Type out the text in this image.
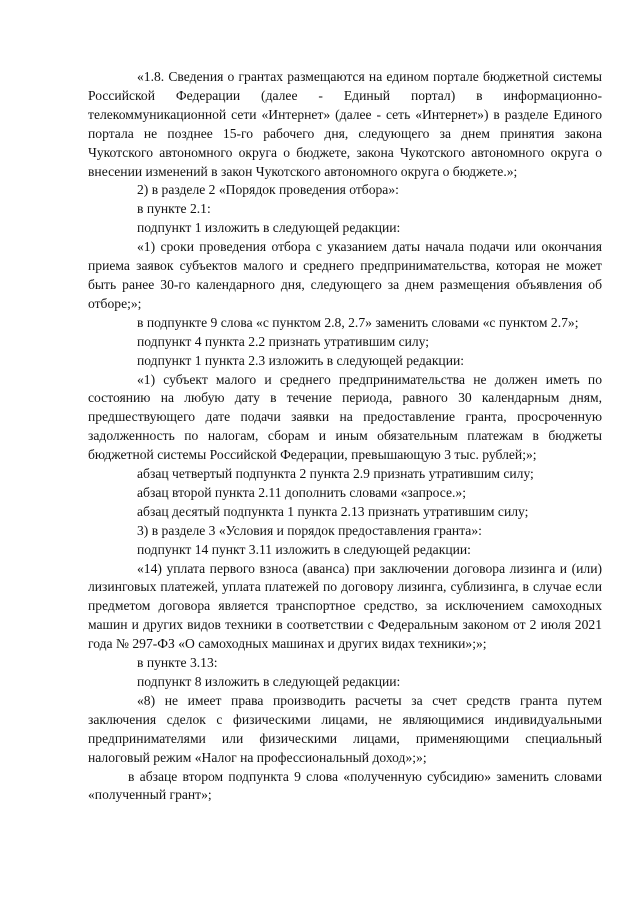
«1.8. Сведения о грантах размещаются на едином портале бюджетной системы Российской Федерации (далее - Единый портал) в информационно-телекоммуникационной сети «Интернет» (далее - сеть «Интернет») в разделе Единого портала не позднее 15-го рабочего дня, следующего за днем принятия закона Чукотского автономного округа о бюджете, закона Чукотского автономного округа о внесении изменений в закон Чукотского автономного округа о бюджете.»;

2) в разделе 2 «Порядок проведения отбора»:

в пункте 2.1:

подпункт 1 изложить в следующей редакции:

«1) сроки проведения отбора с указанием даты начала подачи или окончания приема заявок субъектов малого и среднего предпринимательства, которая не может быть ранее 30-го календарного дня, следующего за днем размещения объявления об отборе;»;

в подпункте 9 слова «с пунктом 2.8, 2.7» заменить словами «с пунктом 2.7»;

подпункт 4 пункта 2.2 признать утратившим силу;

подпункт 1 пункта 2.3 изложить в следующей редакции:

«1) субъект малого и среднего предпринимательства не должен иметь по состоянию на любую дату в течение периода, равного 30 календарным дням, предшествующего дате подачи заявки на предоставление гранта, просроченную задолженность по налогам, сборам и иным обязательным платежам в бюджеты бюджетной системы Российской Федерации, превышающую 3 тыс. рублей;»;

абзац четвертый подпункта 2 пункта 2.9 признать утратившим силу;

абзац второй пункта 2.11 дополнить словами «запросе.»;

абзац десятый подпункта 1 пункта 2.13 признать утратившим силу;

3) в разделе 3 «Условия и порядок предоставления гранта»:

подпункт 14 пункт 3.11 изложить в следующей редакции:

«14) уплата первого взноса (аванса) при заключении договора лизинга и (или) лизинговых платежей, уплата платежей по договору лизинга, сублизинга, в случае если предметом договора является транспортное средство, за исключением самоходных машин и других видов техники в соответствии с Федеральным законом от 2 июля 2021 года № 297-ФЗ «О самоходных машинах и других видах техники»;»;

в пункте 3.13:

подпункт 8 изложить в следующей редакции:

«8) не имеет права производить расчеты за счет средств гранта путем заключения сделок с физическими лицами, не являющимися индивидуальными предпринимателями или физическими лицами, применяющими специальный налоговый режим «Налог на профессиональный доход»;»;

в абзаце втором подпункта 9 слова «полученную субсидию» заменить словами «полученный грант»;
